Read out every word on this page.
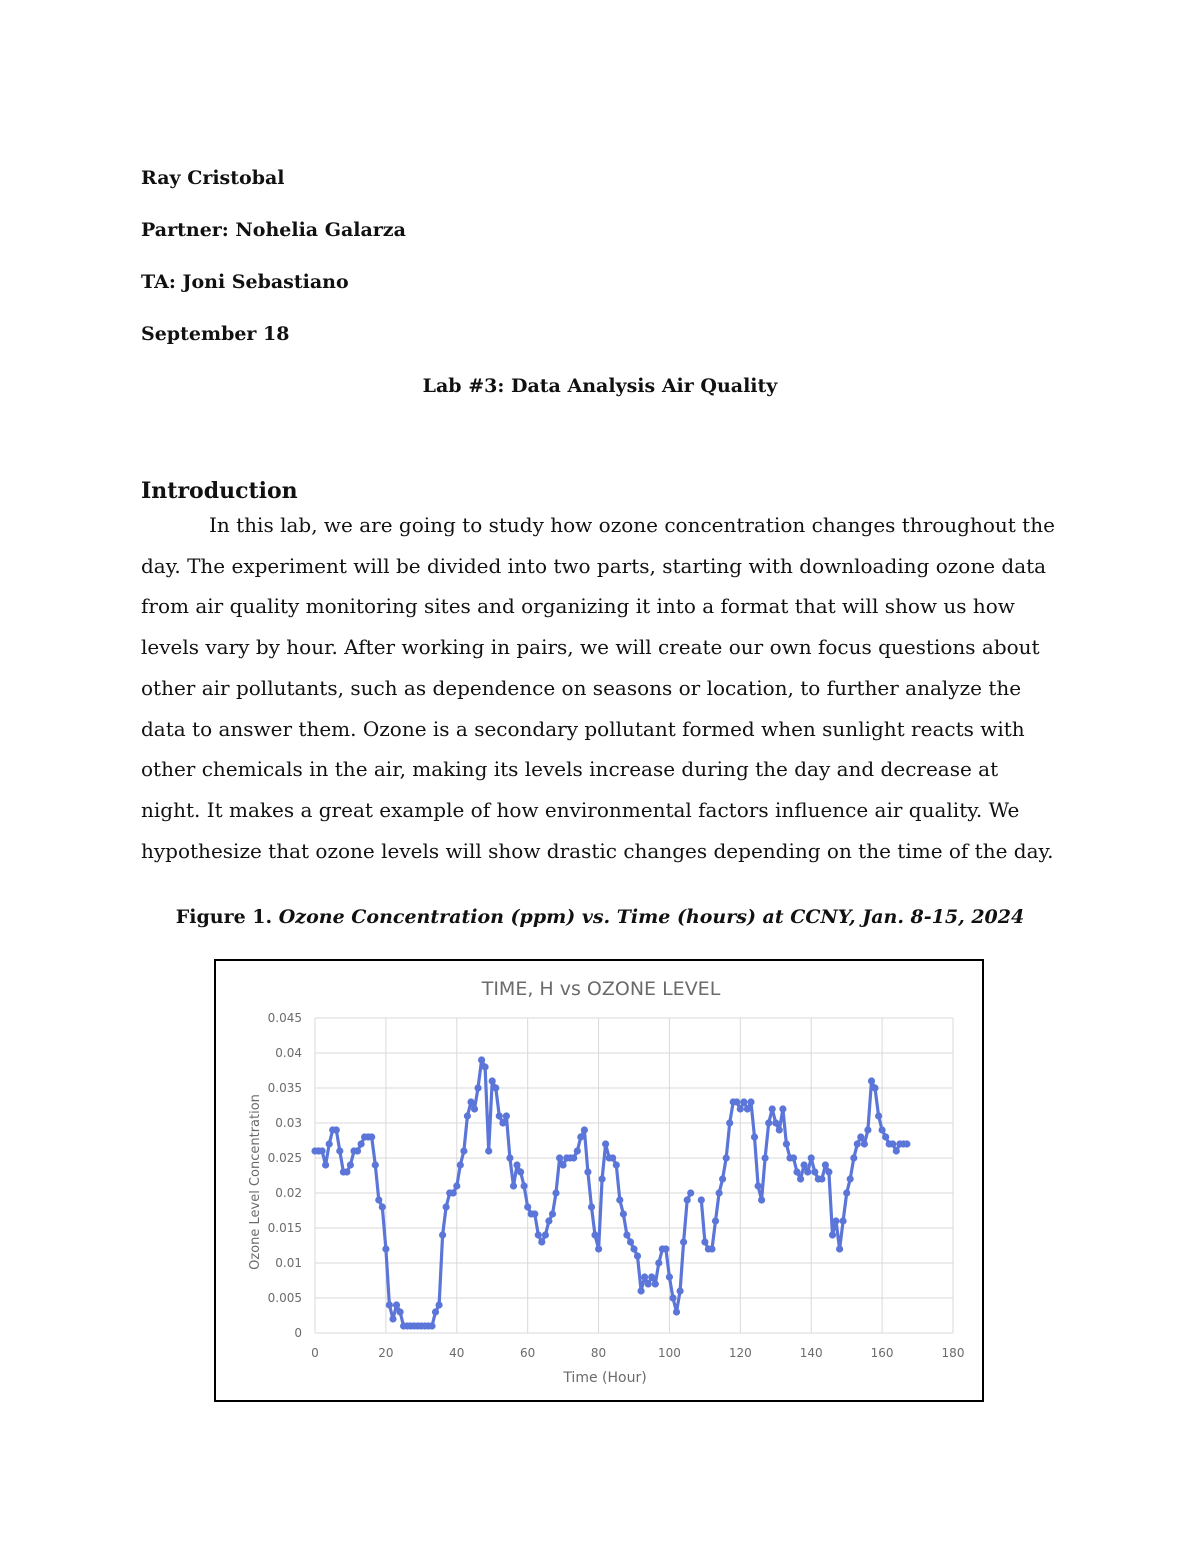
Ray Cristobal

Partner: Nohelia Galarza

TA: Joni Sebastiano

September 18

Lab #3: Data Analysis Air Quality

Introduction

In this lab, we are going to study how ozone concentration changes throughout the day. The experiment will be divided into two parts, starting with downloading ozone data from air quality monitoring sites and organizing it into a format that will show us how levels vary by hour. After working in pairs, we will create our own focus questions about other air pollutants, such as dependence on seasons or location, to further analyze the data to answer them. Ozone is a secondary pollutant formed when sunlight reacts with other chemicals in the air, making its levels increase during the day and decrease at night. It makes a great example of how environmental factors influence air quality. We hypothesize that ozone levels will show drastic changes depending on the time of the day.

Figure 1. Ozone Concentration (ppm) vs. Time (hours) at CCNY, Jan. 8-15, 2024

0
0.005
0.01
0.015
0.02
0.025
0.03
0.035
0.04
0.045
0	20	40	60	80	100	120	140	160	180
TIME, H vs OZONE LEVEL
Time (Hour)
Ozone Level Concentration
